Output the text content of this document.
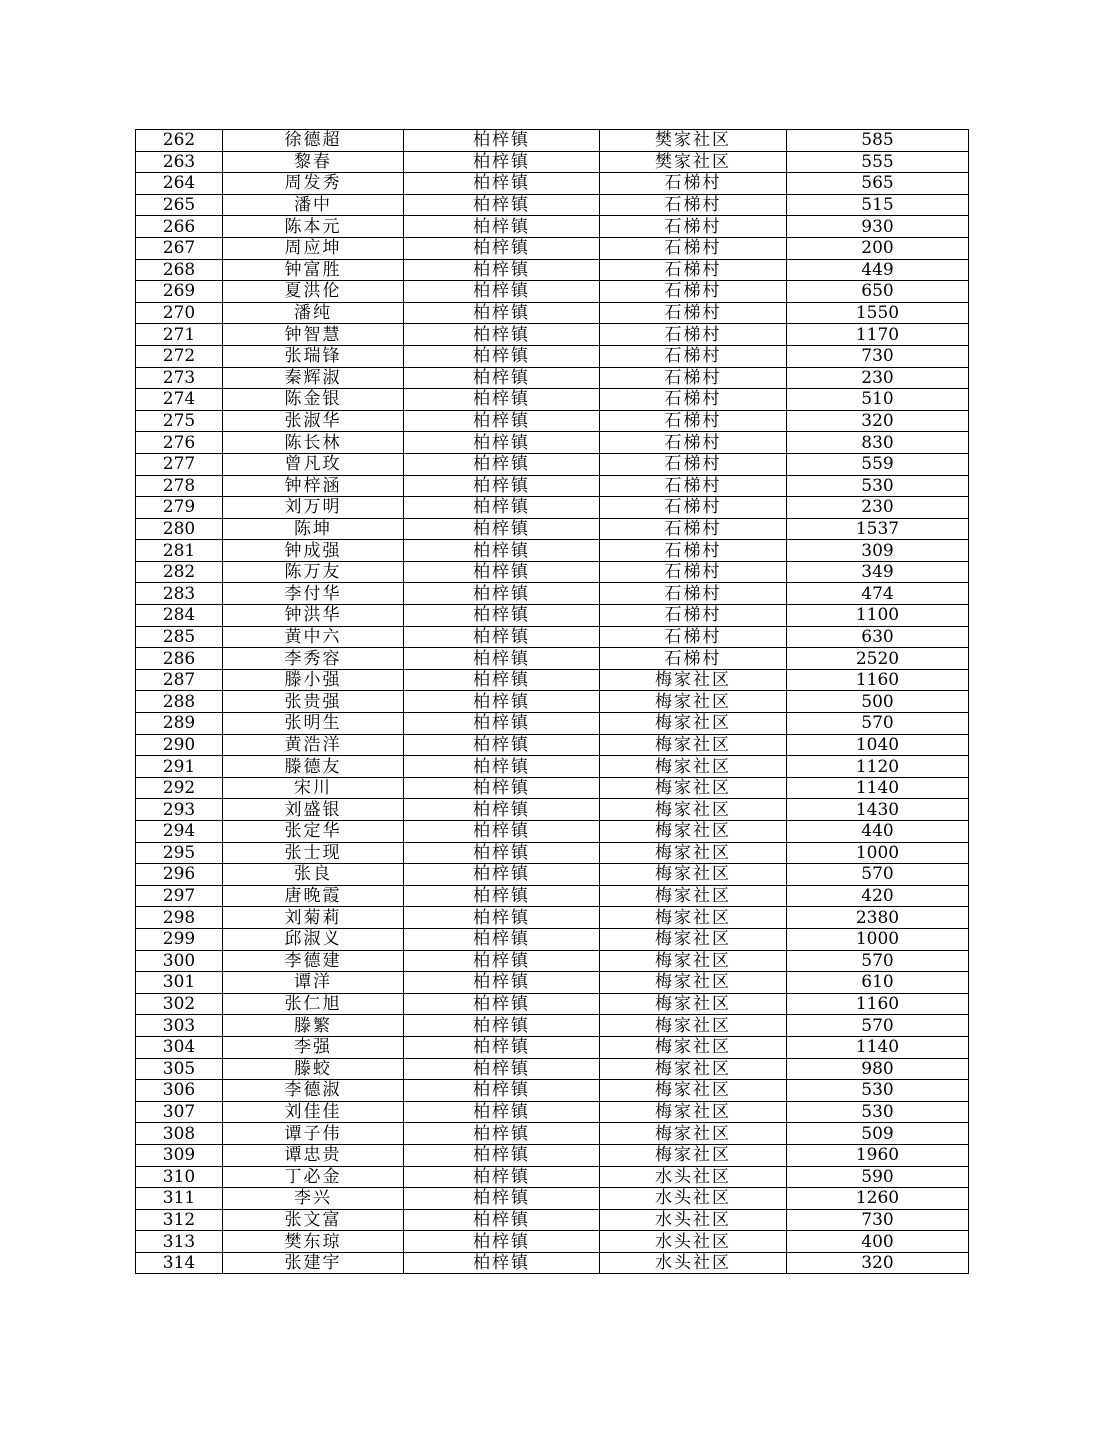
262	徐德超	柏梓镇	樊家社区	585
263	黎春	柏梓镇	樊家社区	555
264	周发秀	柏梓镇	石梯村	565
265	潘中	柏梓镇	石梯村	515
266	陈本元	柏梓镇	石梯村	930
267	周应坤	柏梓镇	石梯村	200
268	钟富胜	柏梓镇	石梯村	449
269	夏洪伦	柏梓镇	石梯村	650
270	潘纯	柏梓镇	石梯村	1550
271	钟智慧	柏梓镇	石梯村	1170
272	张瑞锋	柏梓镇	石梯村	730
273	秦辉淑	柏梓镇	石梯村	230
274	陈金银	柏梓镇	石梯村	510
275	张淑华	柏梓镇	石梯村	320
276	陈长林	柏梓镇	石梯村	830
277	曾凡玫	柏梓镇	石梯村	559
278	钟梓涵	柏梓镇	石梯村	530
279	刘万明	柏梓镇	石梯村	230
280	陈坤	柏梓镇	石梯村	1537
281	钟成强	柏梓镇	石梯村	309
282	陈万友	柏梓镇	石梯村	349
283	李付华	柏梓镇	石梯村	474
284	钟洪华	柏梓镇	石梯村	1100
285	黄中六	柏梓镇	石梯村	630
286	李秀容	柏梓镇	石梯村	2520
287	滕小强	柏梓镇	梅家社区	1160
288	张贵强	柏梓镇	梅家社区	500
289	张明生	柏梓镇	梅家社区	570
290	黄浩洋	柏梓镇	梅家社区	1040
291	滕德友	柏梓镇	梅家社区	1120
292	宋川	柏梓镇	梅家社区	1140
293	刘盛银	柏梓镇	梅家社区	1430
294	张定华	柏梓镇	梅家社区	440
295	张士现	柏梓镇	梅家社区	1000
296	张良	柏梓镇	梅家社区	570
297	唐晚霞	柏梓镇	梅家社区	420
298	刘菊莉	柏梓镇	梅家社区	2380
299	邱淑义	柏梓镇	梅家社区	1000
300	李德建	柏梓镇	梅家社区	570
301	谭洋	柏梓镇	梅家社区	610
302	张仁旭	柏梓镇	梅家社区	1160
303	滕繁	柏梓镇	梅家社区	570
304	李强	柏梓镇	梅家社区	1140
305	滕蛟	柏梓镇	梅家社区	980
306	李德淑	柏梓镇	梅家社区	530
307	刘佳佳	柏梓镇	梅家社区	530
308	谭子伟	柏梓镇	梅家社区	509
309	谭忠贵	柏梓镇	梅家社区	1960
310	丁必金	柏梓镇	水头社区	590
311	李兴	柏梓镇	水头社区	1260
312	张文富	柏梓镇	水头社区	730
313	樊东琼	柏梓镇	水头社区	400
314	张建宇	柏梓镇	水头社区	320
